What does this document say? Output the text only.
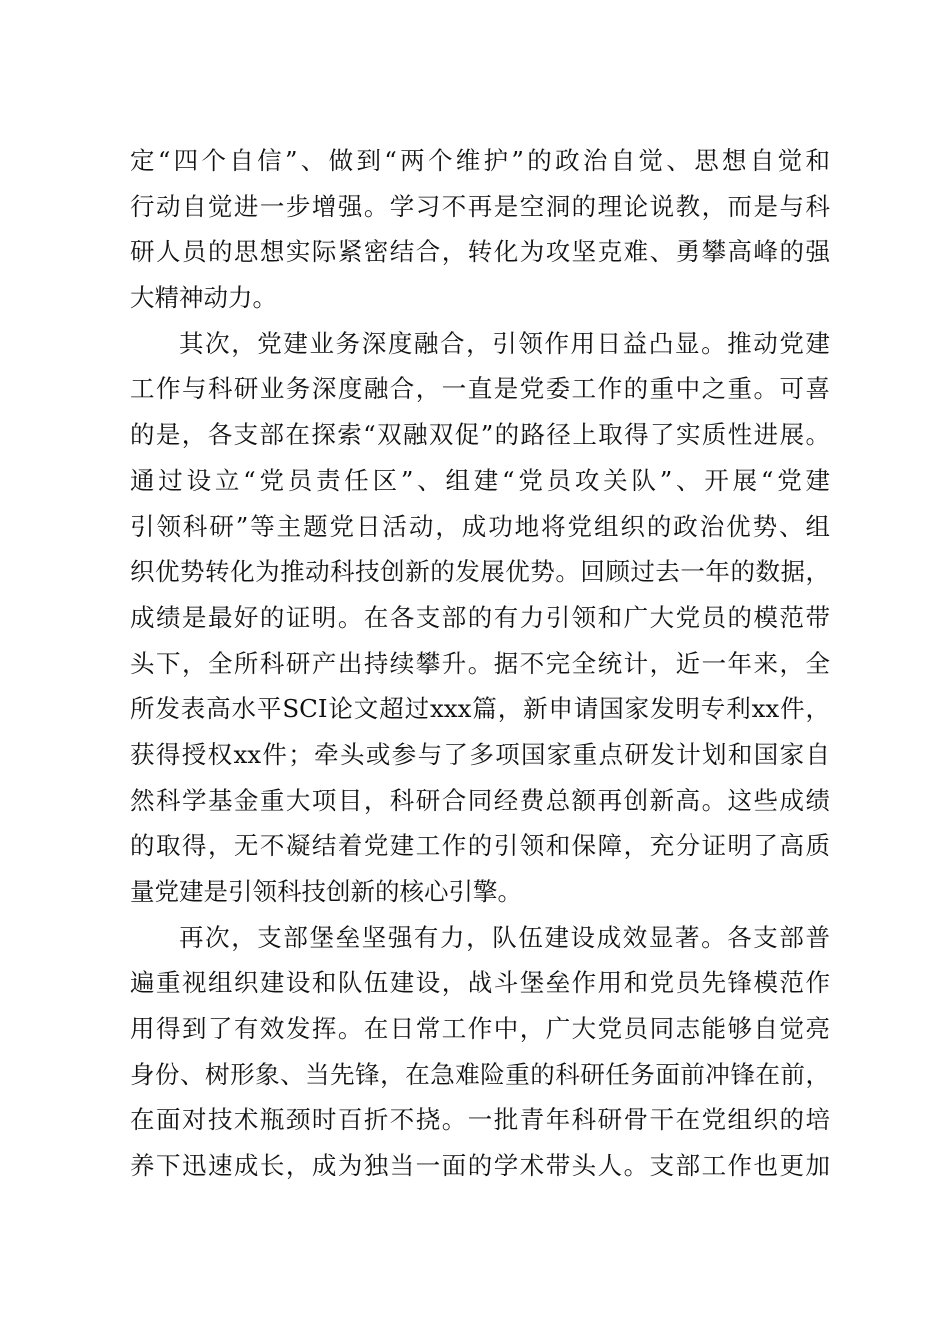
定“四个自信”、做到“两个维护”的政治自觉、思想自觉和
行动自觉进一步增强。学习不再是空洞的理论说教，而是与科
研人员的思想实际紧密结合，转化为攻坚克难、勇攀高峰的强
大精神动力。
其次，党建业务深度融合，引领作用日益凸显。推动党建
工作与科研业务深度融合，一直是党委工作的重中之重。可喜
的是，各支部在探索“双融双促”的路径上取得了实质性进展。
通过设立“党员责任区”、组建“党员攻关队”、开展“党建
引领科研”等主题党日活动，成功地将党组织的政治优势、组
织优势转化为推动科技创新的发展优势。回顾过去一年的数据，
成绩是最好的证明。在各支部的有力引领和广大党员的模范带
头下，全所科研产出持续攀升。据不完全统计，近一年来，全
所发表高水平SCI论文超过xxx篇，新申请国家发明专利xx件，
获得授权xx件；牵头或参与了多项国家重点研发计划和国家自
然科学基金重大项目，科研合同经费总额再创新高。这些成绩
的取得，无不凝结着党建工作的引领和保障，充分证明了高质
量党建是引领科技创新的核心引擎。
再次，支部堡垒坚强有力，队伍建设成效显著。各支部普
遍重视组织建设和队伍建设，战斗堡垒作用和党员先锋模范作
用得到了有效发挥。在日常工作中，广大党员同志能够自觉亮
身份、树形象、当先锋，在急难险重的科研任务面前冲锋在前，
在面对技术瓶颈时百折不挠。一批青年科研骨干在党组织的培
养下迅速成长，成为独当一面的学术带头人。支部工作也更加
